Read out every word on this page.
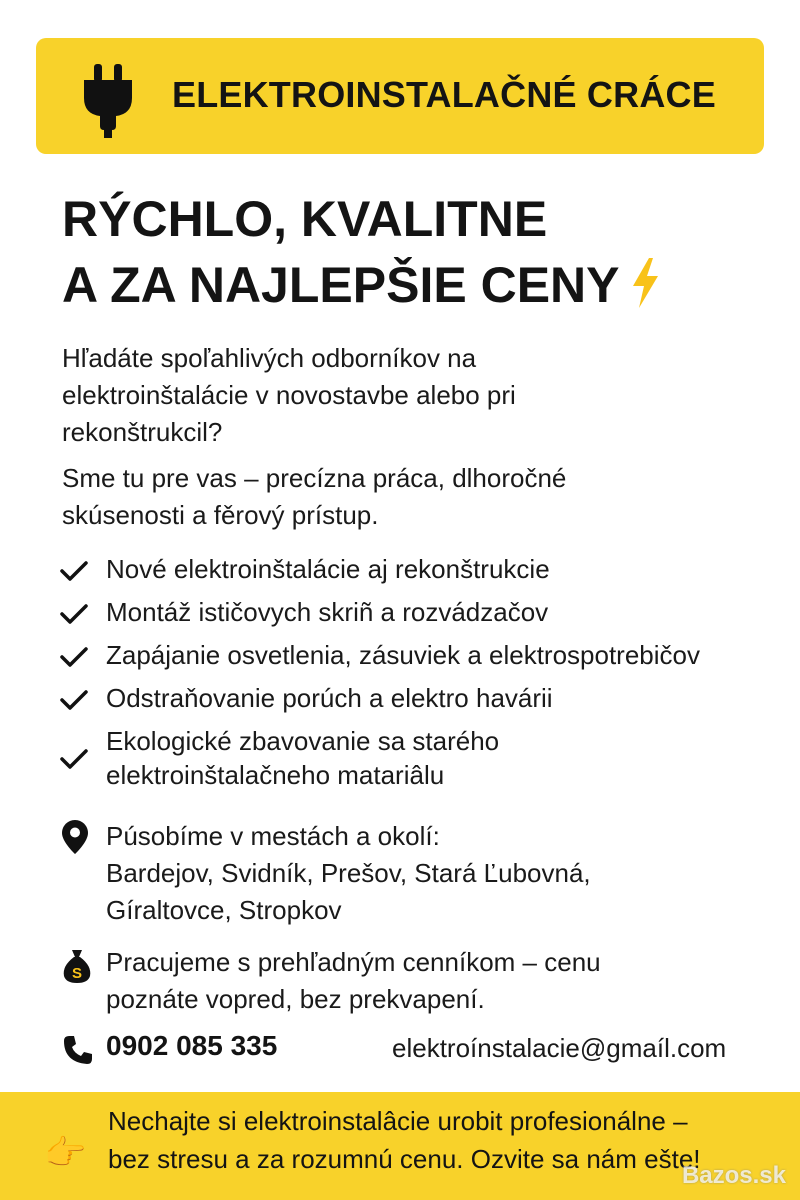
ELEKTROINSTALAČNÉ CRÁCE
RÝCHLO, KVALITNE
A ZA NAJLEPŠIE CENY
Hľadáte spoľahlivých odborníkov na
elektroinštalácie v novostavbe alebo pri
rekonštrukcil?
Sme tu pre vas – precízna práca, dlhoročné
skúsenosti a fěrový prístup.
Nové elektroinštalácie aj rekonštrukcie
Montáž ističovych skriñ a rozvádzačov
Zapájanie osvetlenia, zásuviek a elektrospotrebičov
Odstraňovanie porúch a elektro havárii
Ekologické zbavovanie sa starého
elektroinštalačneho matariâlu
Púsobíme v mestách a okolí:
Bardejov, Svidník, Prešov, Stará Ľubovná,
Gíraltovce, Stropkov
S Pracujeme s prehľadným cenníkom – cenu
poznáte vopred, bez prekvapení.
0902 085 335	elektroínstalacie@gmaíl.com
👉
Nechajte si elektroinstalâcie urobit profesionálne –
bez stresu a za rozumnú cenu. Ozvite sa nám ešte!
Bazos.sk
